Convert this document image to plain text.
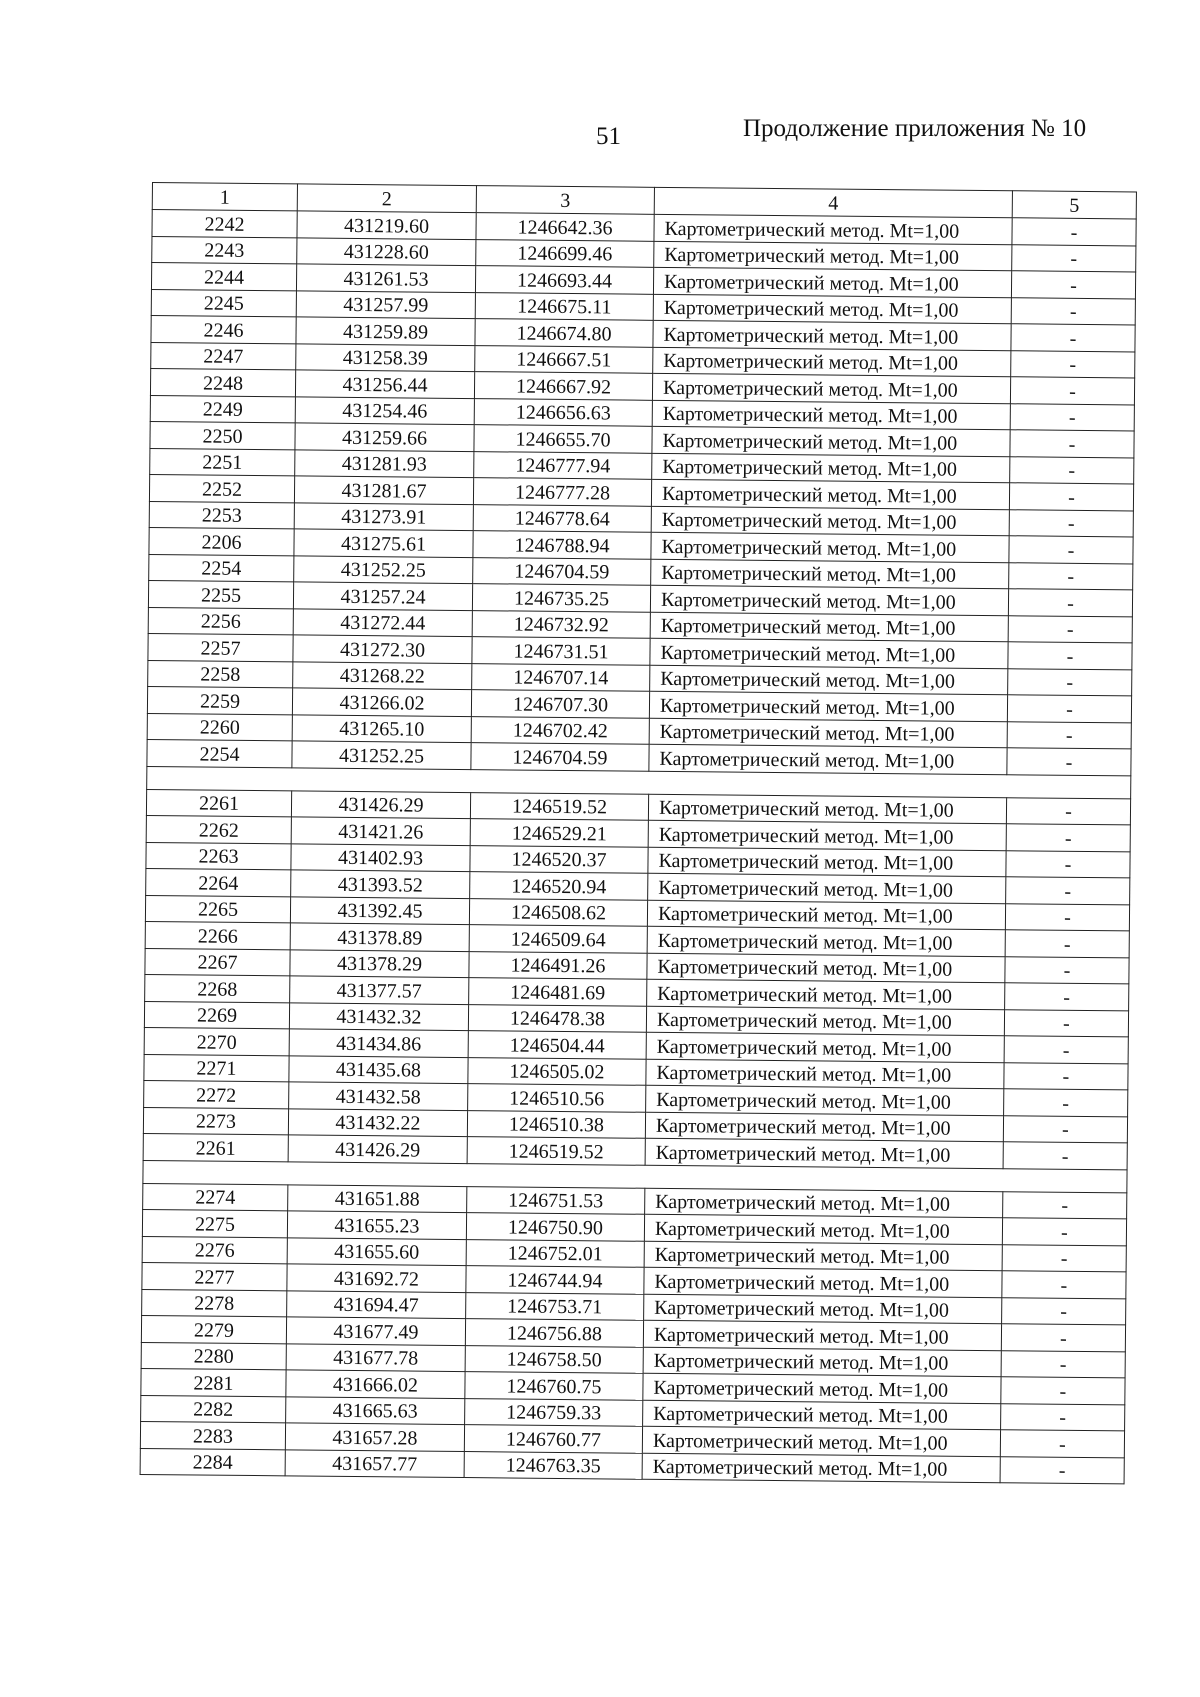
51	Продолжение приложения № 10
1	2	3	4	5
2242	431219.60	1246642.36	Картометрический метод. Mt=1,00	-
2243	431228.60	1246699.46	Картометрический метод. Mt=1,00	-
2244	431261.53	1246693.44	Картометрический метод. Mt=1,00	-
2245	431257.99	1246675.11	Картометрический метод. Mt=1,00	-
2246	431259.89	1246674.80	Картометрический метод. Mt=1,00	-
2247	431258.39	1246667.51	Картометрический метод. Mt=1,00	-
2248	431256.44	1246667.92	Картометрический метод. Mt=1,00	-
2249	431254.46	1246656.63	Картометрический метод. Mt=1,00	-
2250	431259.66	1246655.70	Картометрический метод. Mt=1,00	-
2251	431281.93	1246777.94	Картометрический метод. Mt=1,00	-
2252	431281.67	1246777.28	Картометрический метод. Mt=1,00	-
2253	431273.91	1246778.64	Картометрический метод. Mt=1,00	-
2206	431275.61	1246788.94	Картометрический метод. Mt=1,00	-
2254	431252.25	1246704.59	Картометрический метод. Mt=1,00	-
2255	431257.24	1246735.25	Картометрический метод. Mt=1,00	-
2256	431272.44	1246732.92	Картометрический метод. Mt=1,00	-
2257	431272.30	1246731.51	Картометрический метод. Mt=1,00	-
2258	431268.22	1246707.14	Картометрический метод. Mt=1,00	-
2259	431266.02	1246707.30	Картометрический метод. Mt=1,00	-
2260	431265.10	1246702.42	Картометрический метод. Mt=1,00	-
2254	431252.25	1246704.59	Картометрический метод. Mt=1,00	-

2261	431426.29	1246519.52	Картометрический метод. Mt=1,00	-
2262	431421.26	1246529.21	Картометрический метод. Mt=1,00	-
2263	431402.93	1246520.37	Картометрический метод. Mt=1,00	-
2264	431393.52	1246520.94	Картометрический метод. Mt=1,00	-
2265	431392.45	1246508.62	Картометрический метод. Mt=1,00	-
2266	431378.89	1246509.64	Картометрический метод. Mt=1,00	-
2267	431378.29	1246491.26	Картометрический метод. Mt=1,00	-
2268	431377.57	1246481.69	Картометрический метод. Mt=1,00	-
2269	431432.32	1246478.38	Картометрический метод. Mt=1,00	-
2270	431434.86	1246504.44	Картометрический метод. Mt=1,00	-
2271	431435.68	1246505.02	Картометрический метод. Mt=1,00	-
2272	431432.58	1246510.56	Картометрический метод. Mt=1,00	-
2273	431432.22	1246510.38	Картометрический метод. Mt=1,00	-
2261	431426.29	1246519.52	Картометрический метод. Mt=1,00	-

2274	431651.88	1246751.53	Картометрический метод. Mt=1,00	-
2275	431655.23	1246750.90	Картометрический метод. Mt=1,00	-
2276	431655.60	1246752.01	Картометрический метод. Mt=1,00	-
2277	431692.72	1246744.94	Картометрический метод. Mt=1,00	-
2278	431694.47	1246753.71	Картометрический метод. Mt=1,00	-
2279	431677.49	1246756.88	Картометрический метод. Mt=1,00	-
2280	431677.78	1246758.50	Картометрический метод. Mt=1,00	-
2281	431666.02	1246760.75	Картометрический метод. Mt=1,00	-
2282	431665.63	1246759.33	Картометрический метод. Mt=1,00	-
2283	431657.28	1246760.77	Картометрический метод. Mt=1,00	-
2284	431657.77	1246763.35	Картометрический метод. Mt=1,00	-
